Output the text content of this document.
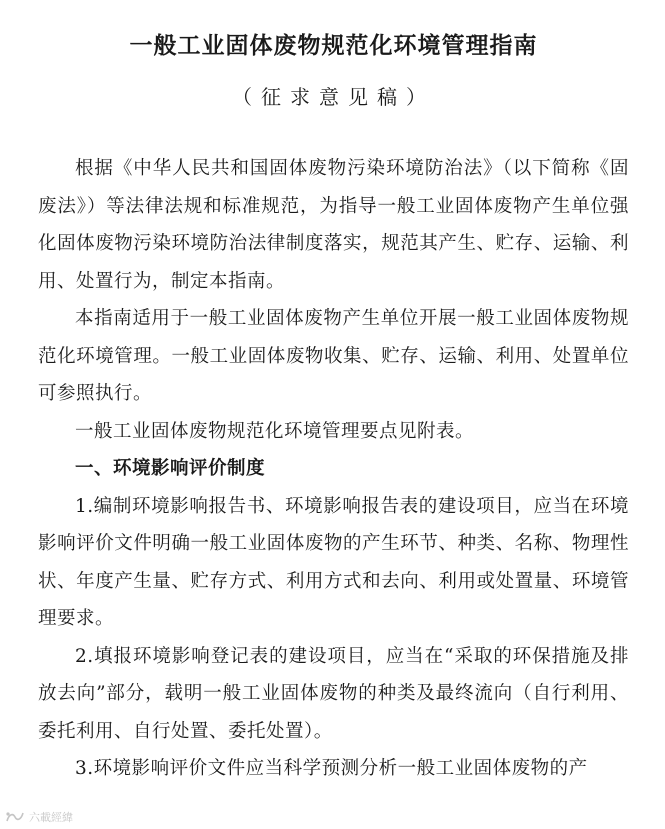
一般工业固体废物规范化环境管理指南
（征求意见稿）

根据《中华人民共和国固体废物污染环境防治法》（以下简称《固废法》）等法律法规和标准规范，为指导一般工业固体废物产生单位强化固体废物污染环境防治法律制度落实，规范其产生、贮存、运输、利用、处置行为，制定本指南。

本指南适用于一般工业固体废物产生单位开展一般工业固体废物规范化环境管理。一般工业固体废物收集、贮存、运输、利用、处置单位可参照执行。

一般工业固体废物规范化环境管理要点见附表。

一、环境影响评价制度

1.编制环境影响报告书、环境影响报告表的建设项目，应当在环境影响评价文件明确一般工业固体废物的产生环节、种类、名称、物理性状、年度产生量、贮存方式、利用方式和去向、利用或处置量、环境管理要求。

2.填报环境影响登记表的建设项目，应当在“采取的环保措施及排放去向”部分，载明一般工业固体废物的种类及最终流向（自行利用、委托利用、自行处置、委托处置）。

3.环境影响评价文件应当科学预测分析一般工业固体废物的产

六載經緯
